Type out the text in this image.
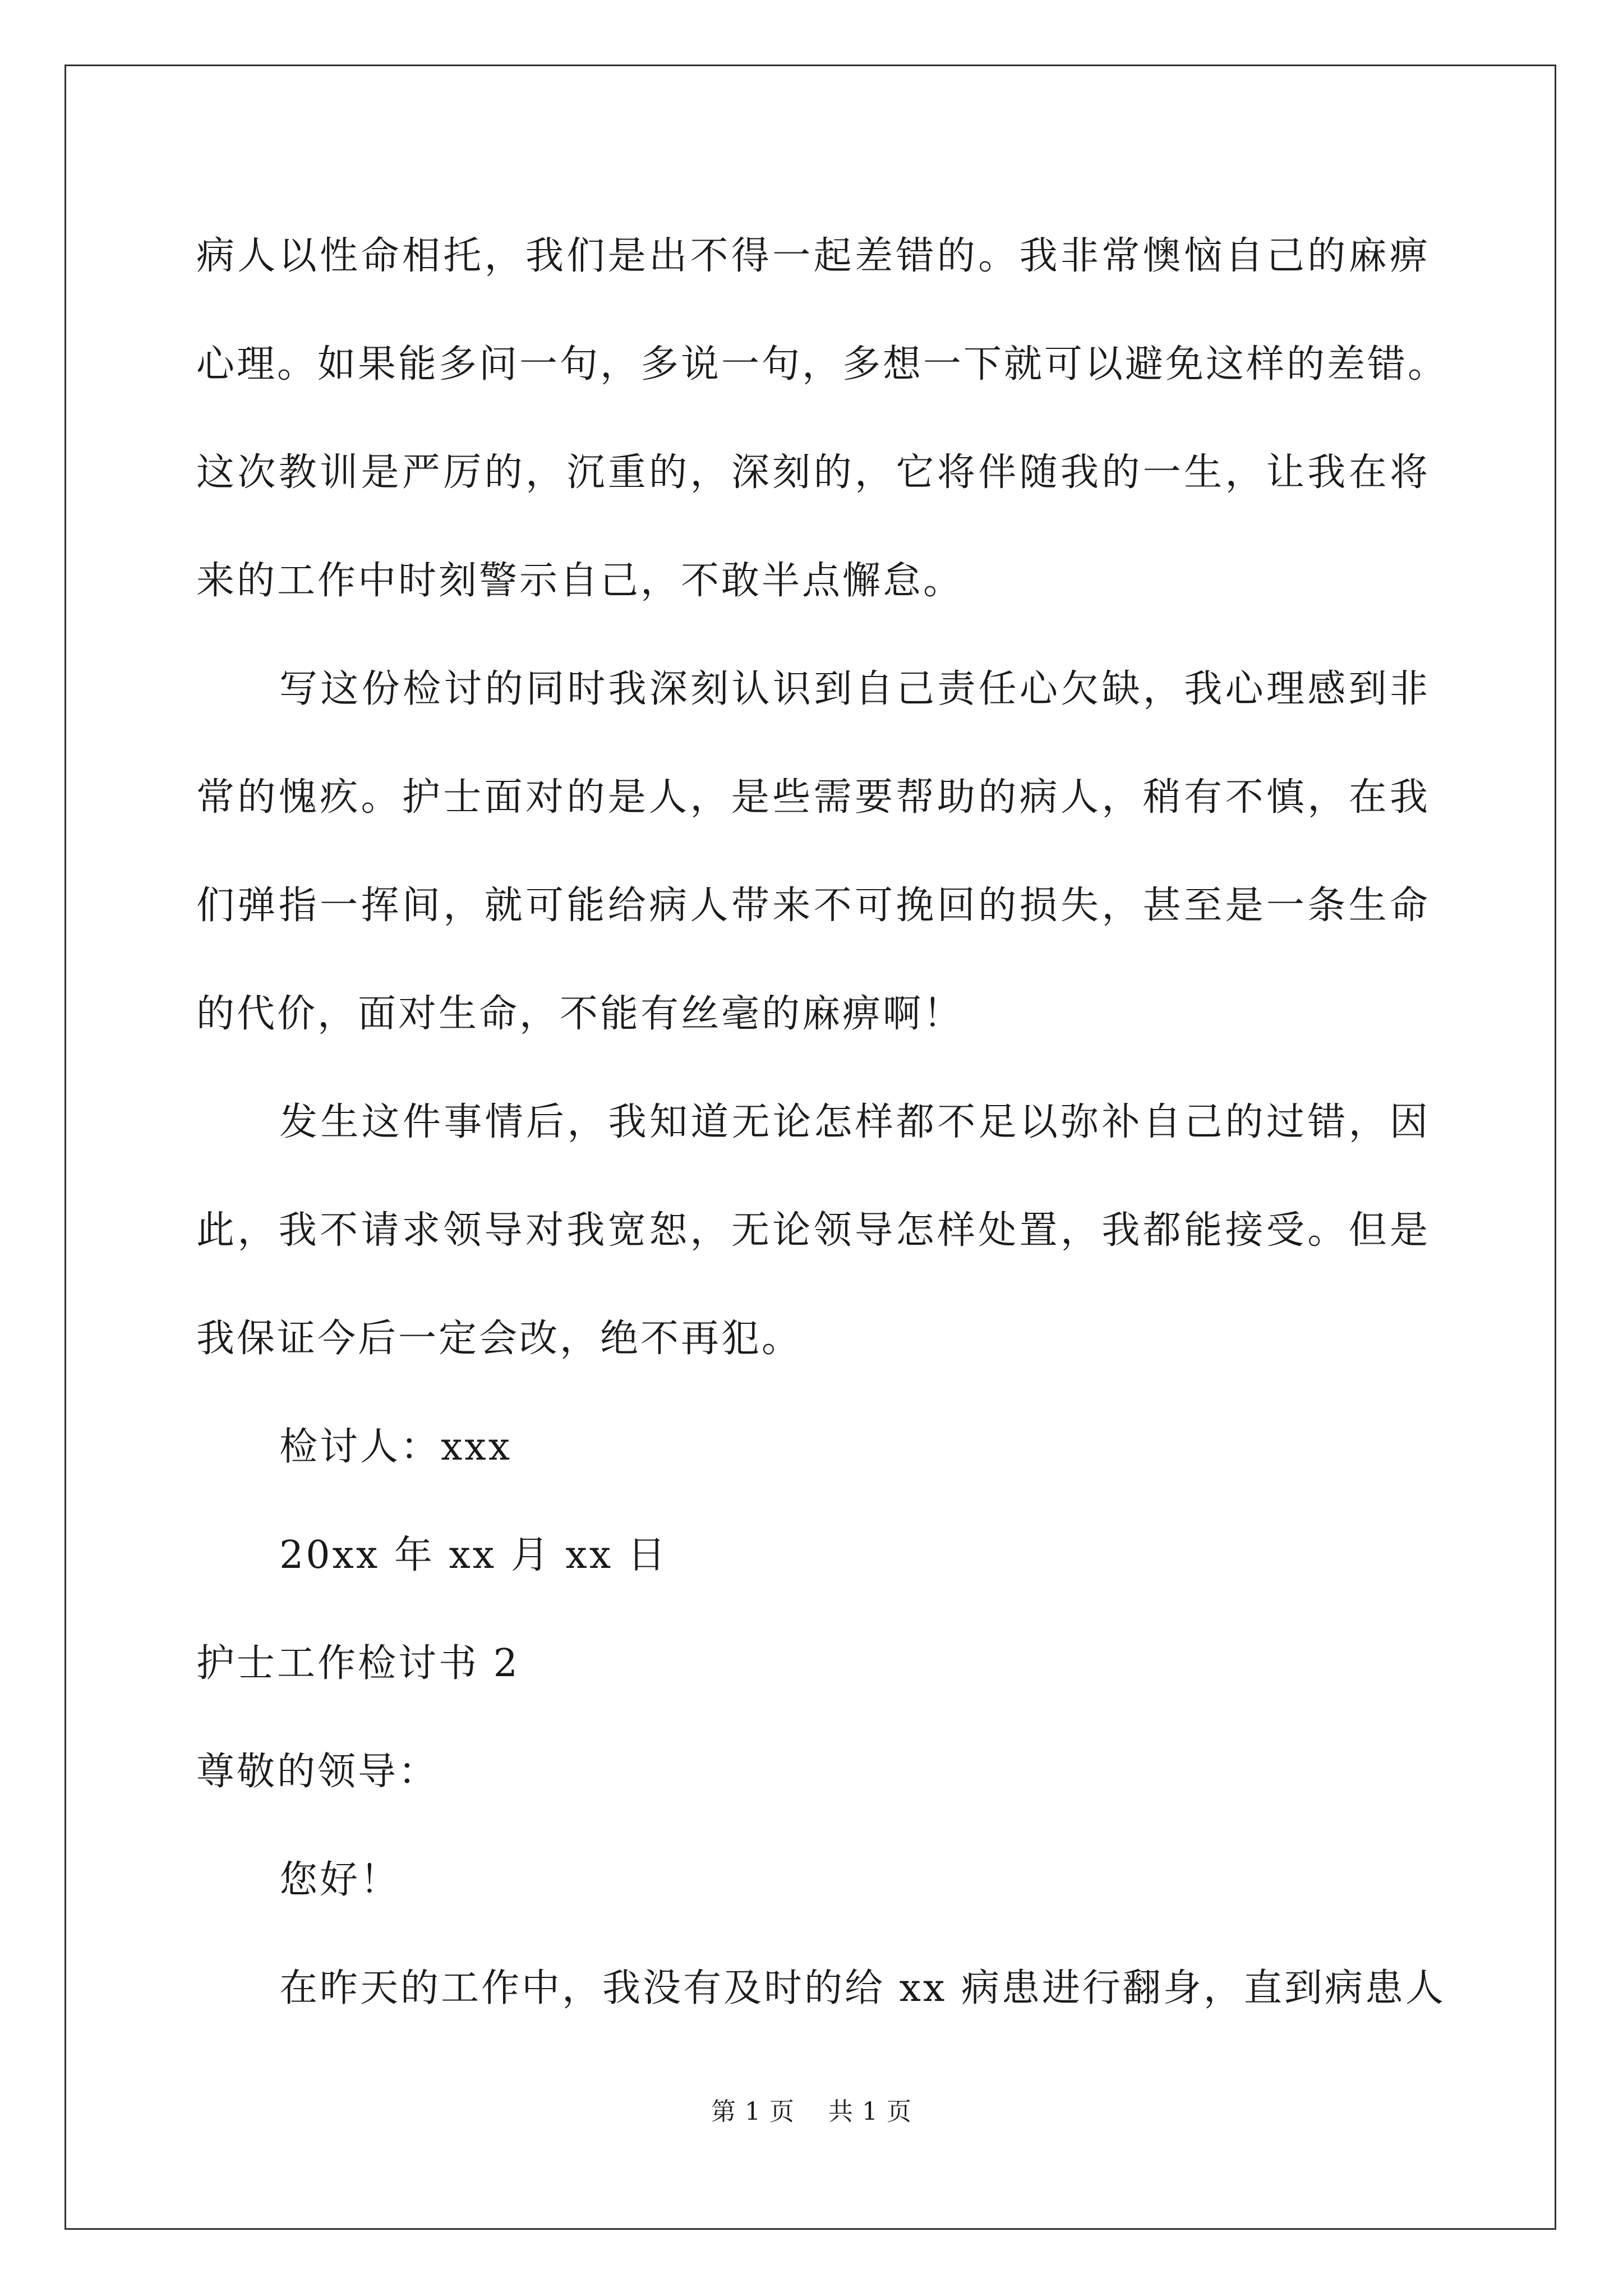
病人以性命相托，我们是出不得一起差错的。我非常懊恼自己的麻痹
心理。如果能多问一句，多说一句，多想一下就可以避免这样的差错。
这次教训是严厉的，沉重的，深刻的，它将伴随我的一生，让我在将
来的工作中时刻警示自己，不敢半点懈怠。
写这份检讨的同时我深刻认识到自己责任心欠缺，我心理感到非
常的愧疚。护士面对的是人，是些需要帮助的病人，稍有不慎，在我
们弹指一挥间，就可能给病人带来不可挽回的损失，甚至是一条生命
的代价，面对生命，不能有丝毫的麻痹啊！
发生这件事情后，我知道无论怎样都不足以弥补自己的过错，因
此，我不请求领导对我宽恕，无论领导怎样处置，我都能接受。但是
我保证今后一定会改，绝不再犯。
检讨人：xxx
20xx 年 xx 月 xx 日
护士工作检讨书 2
尊敬的领导：
您好！
在昨天的工作中，我没有及时的给 xx 病患进行翻身，直到病患人
第 1 页 共 1 页
